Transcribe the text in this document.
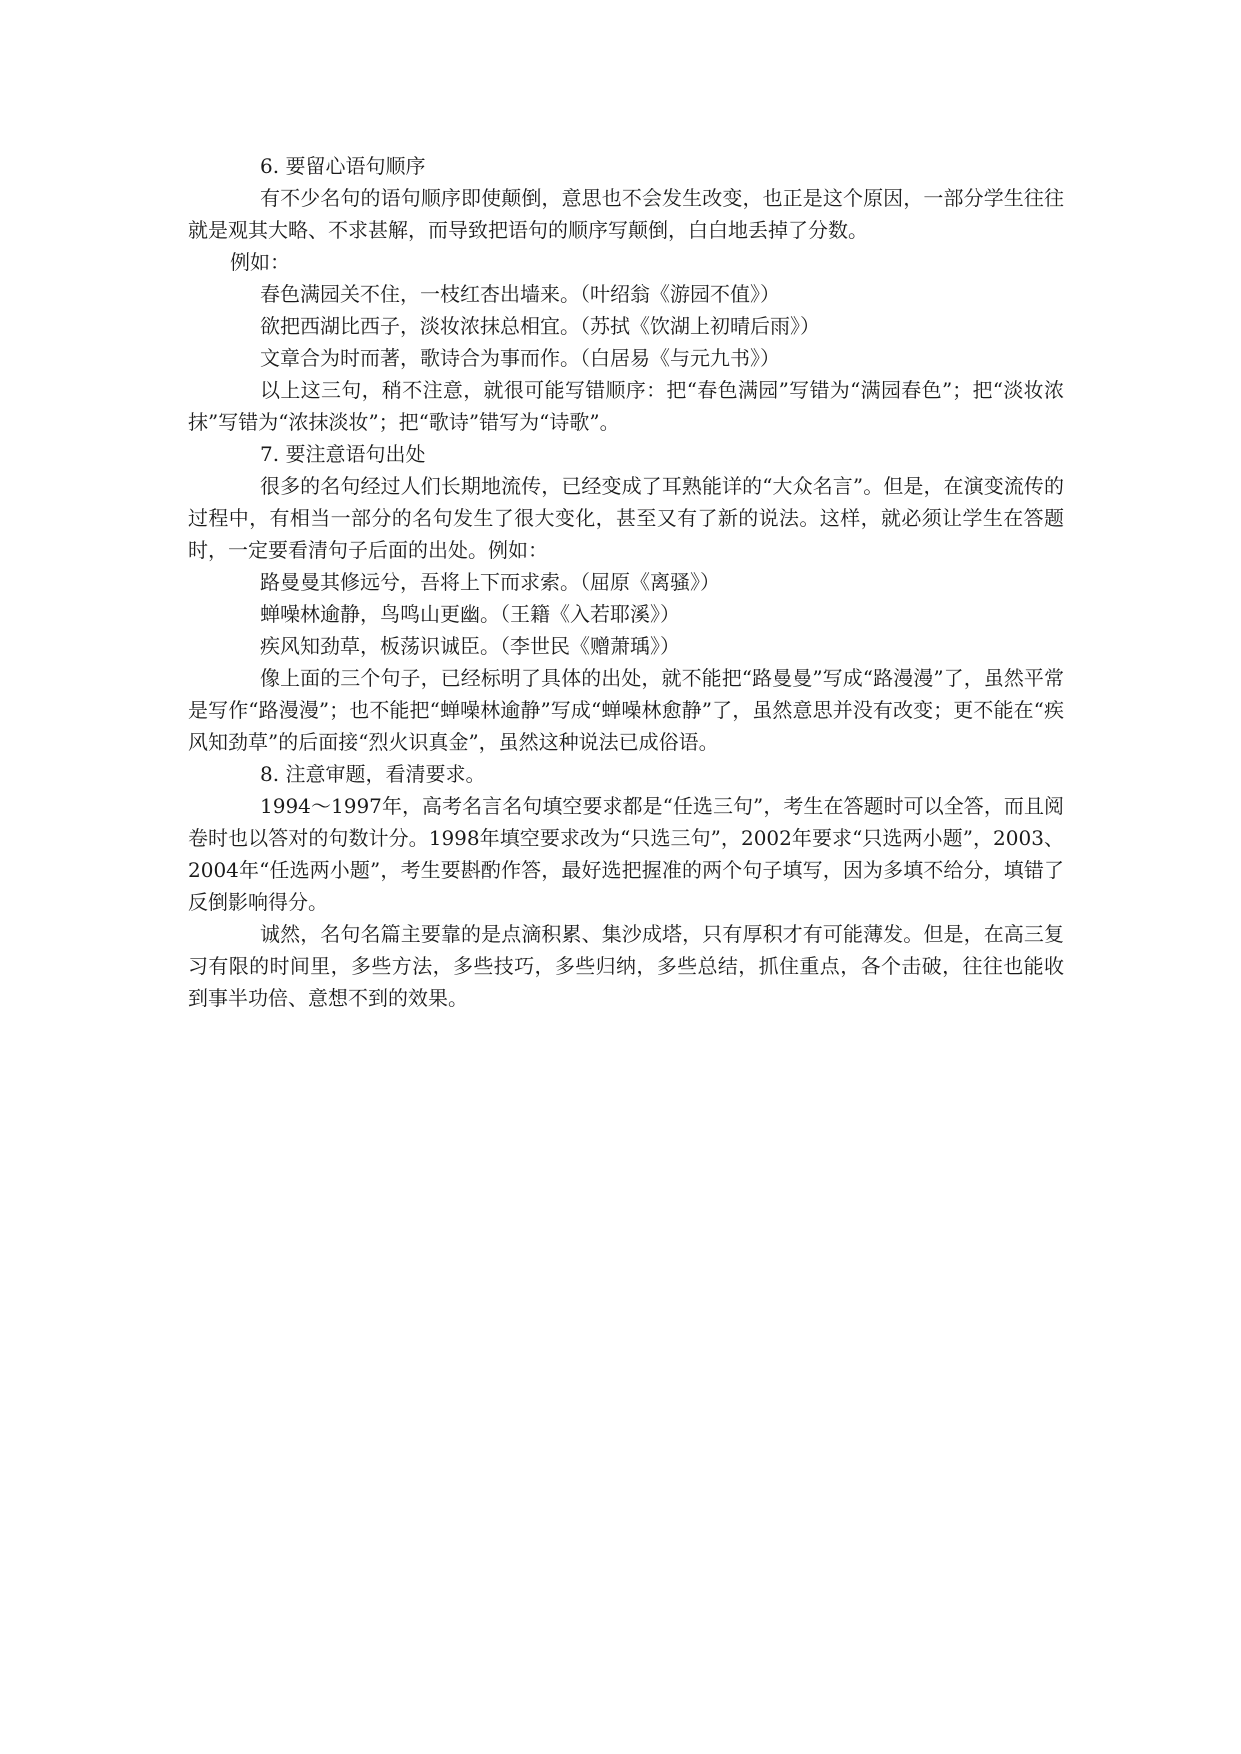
6. 要留心语句顺序

有不少名句的语句顺序即使颠倒，意思也不会发生改变，也正是这个原因，一部分学生往往就是观其大略、不求甚解，而导致把语句的顺序写颠倒，白白地丢掉了分数。

例如：

春色满园关不住，一枝红杏出墙来。（叶绍翁《游园不值》）

欲把西湖比西子，淡妆浓抹总相宜。（苏拭《饮湖上初晴后雨》）

文章合为时而著，歌诗合为事而作。（白居易《与元九书》）

以上这三句，稍不注意，就很可能写错顺序：把“春色满园”写错为“满园春色”；把“淡妆浓抹”写错为“浓抹淡妆”；把“歌诗”错写为“诗歌”。

7. 要注意语句出处

很多的名句经过人们长期地流传，已经变成了耳熟能详的“大众名言”。但是，在演变流传的过程中，有相当一部分的名句发生了很大变化，甚至又有了新的说法。这样，就必须让学生在答题时，一定要看清句子后面的出处。例如：

路曼曼其修远兮，吾将上下而求索。（屈原《离骚》）

蝉噪林逾静，鸟鸣山更幽。（王籍《入若耶溪》）

疾风知劲草，板荡识诚臣。（李世民《赠萧瑀》）

像上面的三个句子，已经标明了具体的出处，就不能把“路曼曼”写成“路漫漫”了，虽然平常是写作“路漫漫”；也不能把“蝉噪林逾静”写成“蝉噪林愈静”了，虽然意思并没有改变；更不能在“疾风知劲草”的后面接“烈火识真金”，虽然这种说法已成俗语。

8. 注意审题，看清要求。

1994～1997年，高考名言名句填空要求都是“任选三句”，考生在答题时可以全答，而且阅卷时也以答对的句数计分。1998年填空要求改为“只选三句”，2002年要求“只选两小题”，2003、2004年“任选两小题”，考生要斟酌作答，最好选把握准的两个句子填写，因为多填不给分，填错了反倒影响得分。

诚然，名句名篇主要靠的是点滴积累、集沙成塔，只有厚积才有可能薄发。但是，在高三复习有限的时间里，多些方法，多些技巧，多些归纳，多些总结，抓住重点，各个击破，往往也能收到事半功倍、意想不到的效果。
